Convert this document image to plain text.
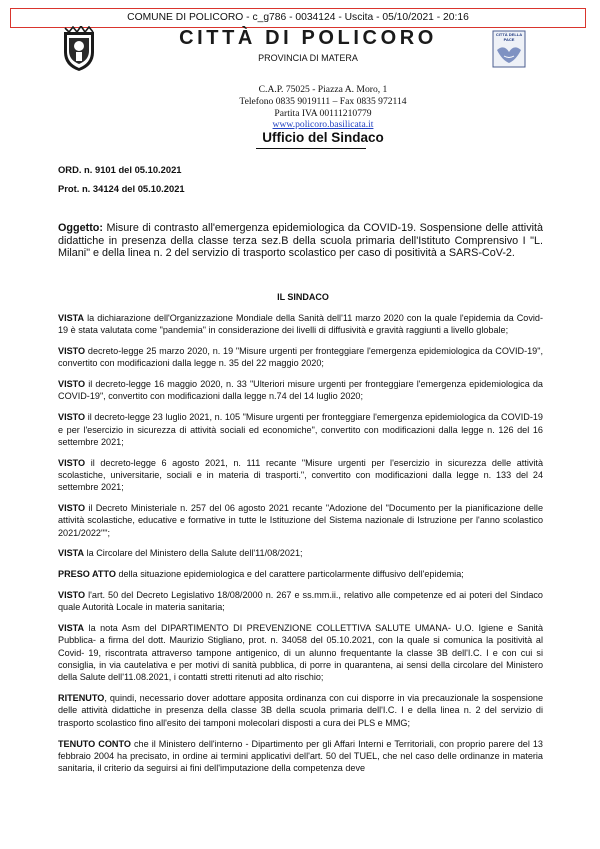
COMUNE DI POLICORO - c_g786 - 0034124 - Uscita - 05/10/2021 - 20:16
CITTÀ DI POLICORO
PROVINCIA DI MATERA
CITTÀ DELLA PACE
C.A.P. 75025 - Piazza A. Moro, 1
Telefono 0835 9019111 – Fax 0835 972114
Partita IVA 00111210779
www.policoro.basilicata.it
Ufficio del Sindaco
ORD. n. 9101 del 05.10.2021
Prot. n. 34124 del 05.10.2021
Oggetto: Misure di contrasto all'emergenza epidemiologica da COVID-19. Sospensione delle attività didattiche in presenza della classe terza sez.B della scuola primaria dell'Istituto Comprensivo I "L. Milani" e della linea n. 2 del servizio di trasporto scolastico per caso di positività a SARS-CoV-2.
IL SINDACO

VISTA la dichiarazione dell'Organizzazione Mondiale della Sanità dell'11 marzo 2020 con la quale l'epidemia da Covid- 19 è stata valutata come "pandemia" in considerazione dei livelli di diffusività e gravità raggiunti a livello globale;

VISTO decreto-legge 25 marzo 2020, n. 19 "Misure urgenti per fronteggiare l'emergenza epidemiologica da COVID-19", convertito con modificazioni dalla legge n. 35 del 22 maggio 2020;

VISTO il decreto-legge 16 maggio 2020, n. 33 "Ulteriori misure urgenti per fronteggiare l'emergenza epidemiologica da COVID-19", convertito con modificazioni dalla legge n.74 del 14 luglio 2020;

VISTO il decreto-legge 23 luglio 2021, n. 105 "Misure urgenti per fronteggiare l'emergenza epidemiologica da COVID-19 e per l'esercizio in sicurezza di attività sociali ed economiche", convertito con modificazioni dalla legge n. 126 del 16 settembre 2021;

VISTO il decreto-legge 6 agosto 2021, n. 111 recante "Misure urgenti per l'esercizio in sicurezza delle attività scolastiche, universitarie, sociali e in materia di trasporti.", convertito con modificazioni dalla legge n. 133 del 24 settembre 2021;

VISTO il Decreto Ministeriale n. 257 del 06 agosto 2021 recante "Adozione del "Documento per la pianificazione delle attività scolastiche, educative e formative in tutte le Istituzione del Sistema nazionale di Istruzione per l'anno scolastico 2021/2022"";

VISTA la Circolare del Ministero della Salute dell'11/08/2021;

PRESO ATTO della situazione epidemiologica e del carattere particolarmente diffusivo dell'epidemia;

VISTO l'art. 50 del Decreto Legislativo 18/08/2000 n. 267 e ss.mm.ii., relativo alle competenze ed ai poteri del Sindaco quale Autorità Locale in materia sanitaria;

VISTA la nota Asm del DIPARTIMENTO DI PREVENZIONE COLLETTIVA SALUTE UMANA- U.O. Igiene e Sanità Pubblica- a firma del dott. Maurizio Stigliano, prot. n. 34058 del 05.10.2021, con la quale si comunica la positività al Covid- 19, riscontrata attraverso tampone antigenico, di un alunno frequentante la classe 3B dell'I.C. I e con cui si consiglia, in via cautelativa e per motivi di sanità pubblica, di porre in quarantena, ai sensi della circolare del Ministero della Salute dell'11.08.2021, i contatti stretti ritenuti ad alto rischio;

RITENUTO, quindi, necessario dover adottare apposita ordinanza con cui disporre in via precauzionale la sospensione delle attività didattiche in presenza della classe 3B della scuola primaria dell'I.C. I e della linea n. 2 del servizio di trasporto scolastico fino all'esito dei tamponi molecolari disposti a cura dei PLS e MMG;

TENUTO CONTO che il Ministero dell'interno - Dipartimento per gli Affari Interni e Territoriali, con proprio parere del 13 febbraio 2004 ha precisato, in ordine ai termini applicativi dell'art. 50 del TUEL, che nel caso delle ordinanze in materia sanitaria, il criterio da seguirsi ai fini dell'imputazione della competenza deve
